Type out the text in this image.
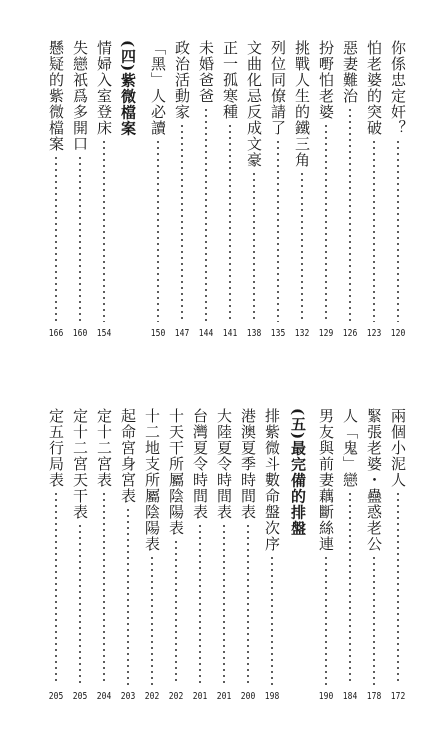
你係忠定奸？
120
怕老婆的突破
123
惡妻難治
126
扮嘢怕老婆
129
挑戰人生的鐵三角
132
列位同僚請了
135
文曲化忌反成文豪
138
正一孤寒種
141
未婚爸爸
144
政治活動家
147
「黑」人必讀
150
(四)紫微檔案
情婦入室登床
154
失戀祇爲多開口
160
懸疑的紫微檔案
166
兩個小泥人
172
緊張老婆・蠱惑老公
178
人「鬼」戀
184
男友與前妻藕斷絲連
190
(五)最完備的排盤
排紫微斗數命盤次序
198
港澳夏季時間表
200
大陸夏令時間表
201
台灣夏令時間表
201
十天干所屬陰陽表
202
十二地支所屬陰陽表
202
起命宮身宮表
203
定十二宮表
204
定十二宮天干表
205
定五行局表
205
